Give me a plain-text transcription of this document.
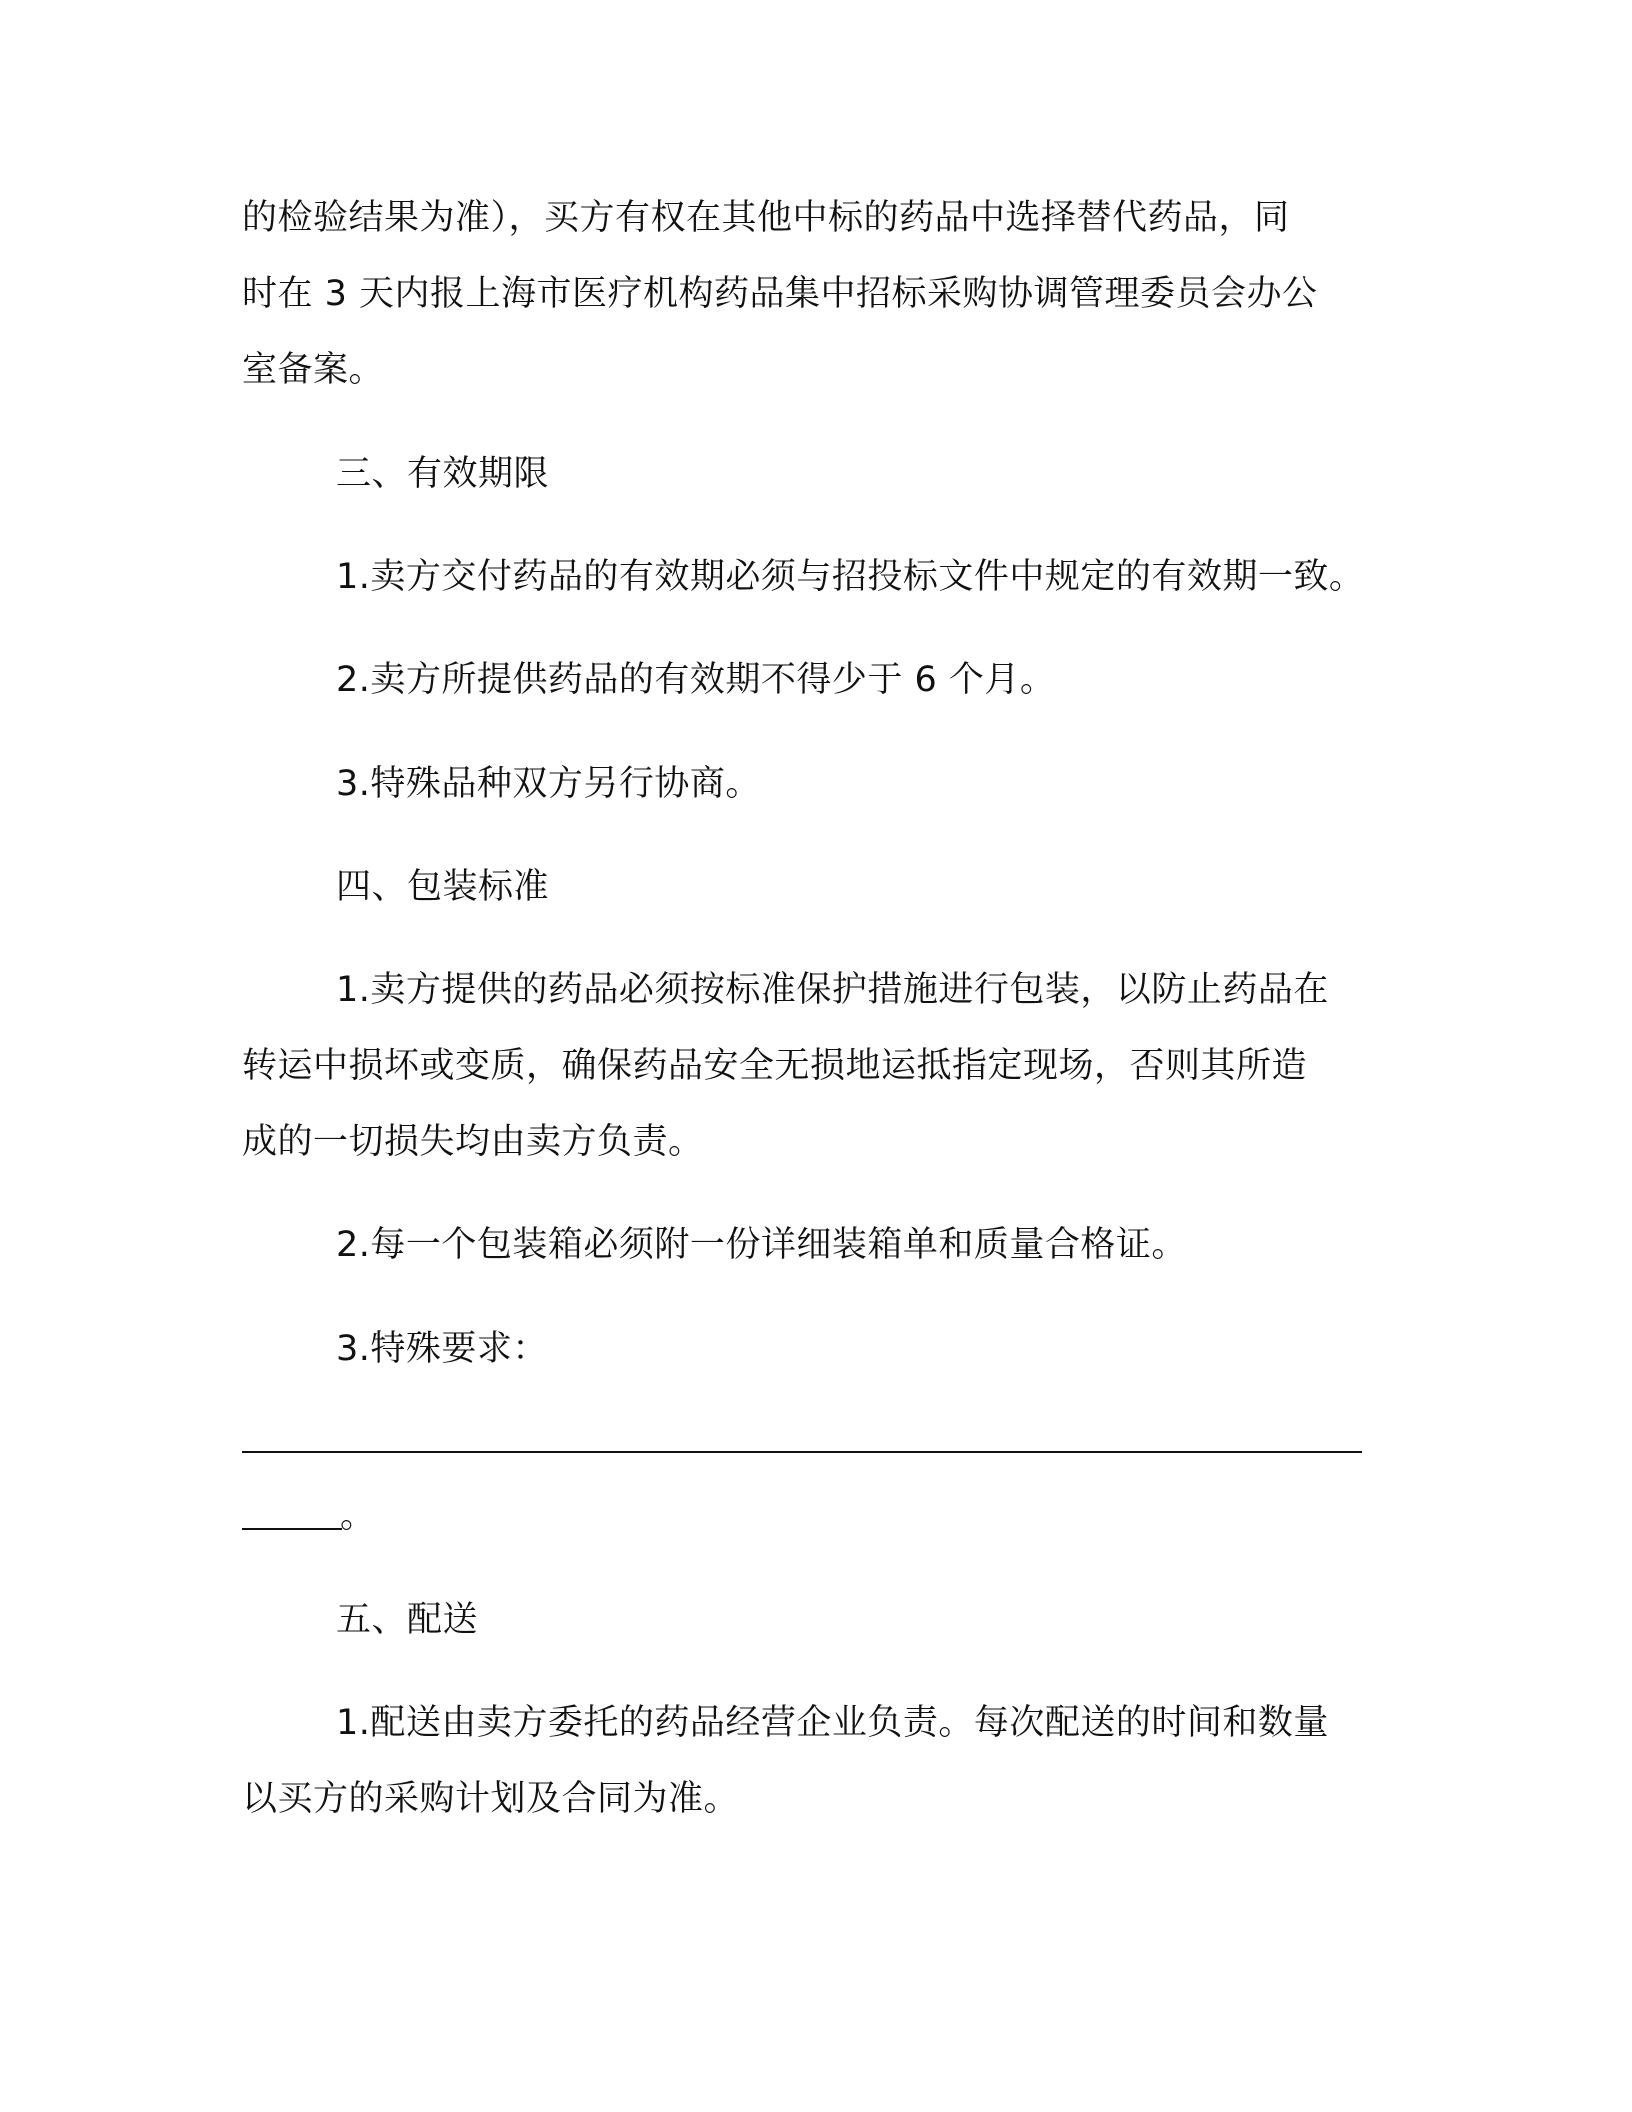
的检验结果为准），买方有权在其他中标的药品中选择替代药品，同
时在 3 天内报上海市医疗机构药品集中招标采购协调管理委员会办公
室备案。
三、有效期限
1.卖方交付药品的有效期必须与招投标文件中规定的有效期一致。
2.卖方所提供药品的有效期不得少于 6 个月。
3.特殊品种双方另行协商。
四、包装标准
1.卖方提供的药品必须按标准保护措施进行包装，以防止药品在
转运中损坏或变质，确保药品安全无损地运抵指定现场，否则其所造
成的一切损失均由卖方负责。
2.每一个包装箱必须附一份详细装箱单和质量合格证。
3.特殊要求：
。
五、配送
1.配送由卖方委托的药品经营企业负责。每次配送的时间和数量
以买方的采购计划及合同为准。
